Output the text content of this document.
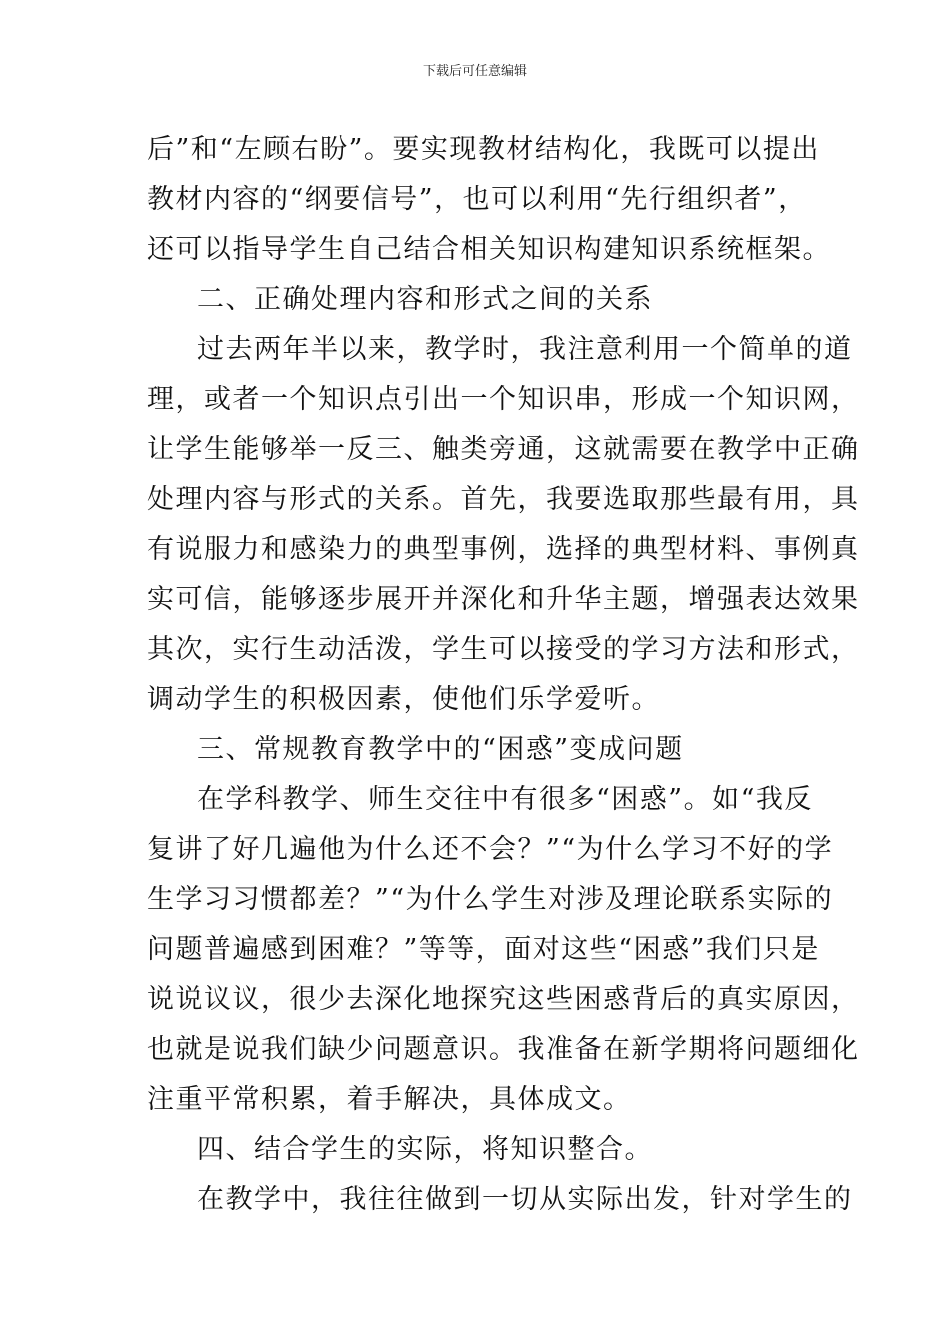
下载后可任意编辑
后”和“左顾右盼”。要实现教材结构化，我既可以提出
教材内容的“纲要信号”，也可以利用“先行组织者”，
还可以指导学生自己结合相关知识构建知识系统框架。
二、正确处理内容和形式之间的关系
过去两年半以来，教学时，我注意利用一个简单的道
理，或者一个知识点引出一个知识串，形成一个知识网，
让学生能够举一反三、触类旁通，这就需要在教学中正确
处理内容与形式的关系。首先，我要选取那些最有用，具
有说服力和感染力的典型事例，选择的典型材料、事例真
实可信，能够逐步展开并深化和升华主题，增强表达效果
其次，实行生动活泼，学生可以接受的学习方法和形式，
调动学生的积极因素，使他们乐学爱听。
三、常规教育教学中的“困惑”变成问题
在学科教学、师生交往中有很多“困惑”。如“我反
复讲了好几遍他为什么还不会？”“为什么学习不好的学
生学习习惯都差？”“为什么学生对涉及理论联系实际的
问题普遍感到困难？”等等，面对这些“困惑”我们只是
说说议议，很少去深化地探究这些困惑背后的真实原因，
也就是说我们缺少问题意识。我准备在新学期将问题细化
注重平常积累，着手解决，具体成文。
四、结合学生的实际，将知识整合。
在教学中，我往往做到一切从实际出发，针对学生的
